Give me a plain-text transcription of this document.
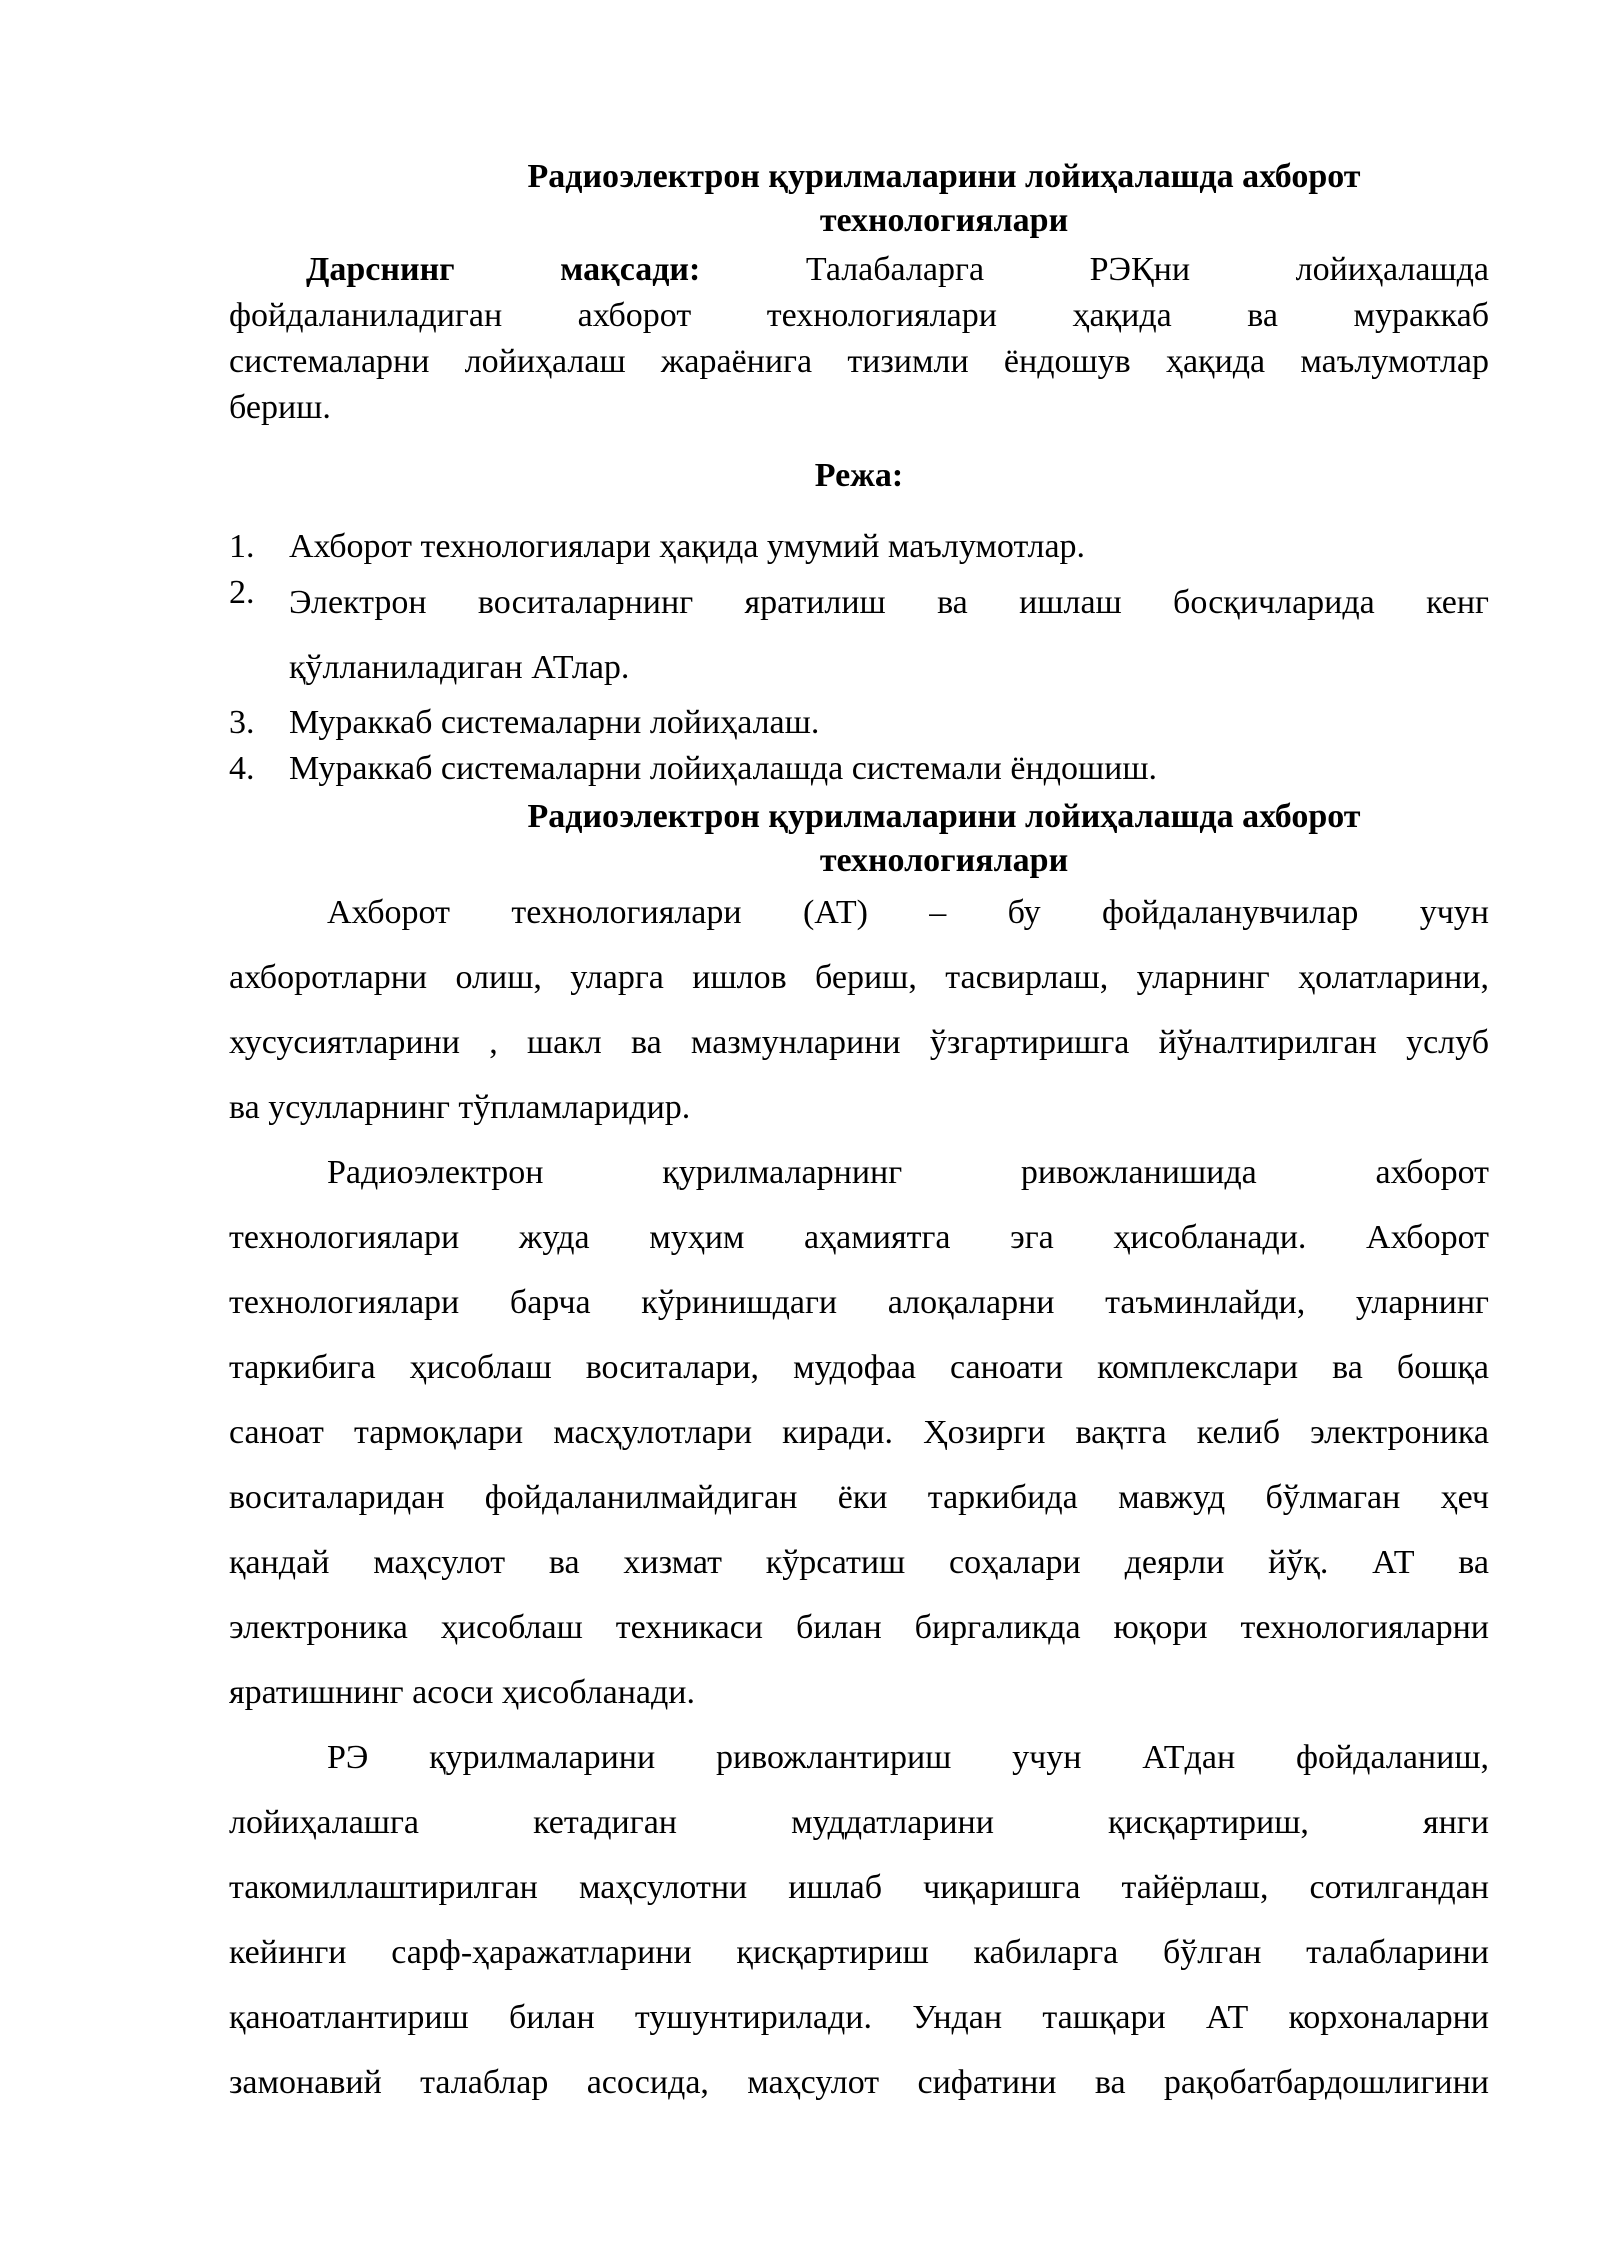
Радиоэлектрон қурилмаларини лойиҳалашда ахборот
технологиялари
Дарснинг мақсади:	Талабаларга РЭҚни лойиҳалашда
фойдаланиладиган ахборот технологиялари ҳақида ва мураккаб
системаларни лойиҳалаш жараёнига тизимли ёндошув ҳақида маълумотлар
бериш.
Режа:
1. Ахборот технологиялари ҳақида умумий маълумотлар.
2. Электрон воситаларнинг яратилиш ва ишлаш босқичларида кенг
қўлланиладиган АТлар.
3. Мураккаб системаларни лойиҳалаш.
4. Мураккаб системаларни лойиҳалашда системали ёндошиш.
Радиоэлектрон қурилмаларини лойиҳалашда ахборот
технологиялари
Ахборот технологиялари (АТ) – бу фойдаланувчилар учун
ахборотларни олиш, уларга ишлов бериш, тасвирлаш, уларнинг ҳолатларини,
хусусиятларини , шакл ва мазмунларини ўзгартиришга йўналтирилган услуб
ва усулларнинг тўпламларидир.
Радиоэлектрон қурилмаларнинг ривожланишида ахборот
технологиялари жуда муҳим аҳамиятга эга ҳисобланади. Ахборот
технологиялари барча кўринишдаги алоқаларни таъминлайди, уларнинг
таркибига ҳисоблаш воситалари, мудофаа саноати комплекслари ва бошқа
саноат тармоқлари масҳулотлари киради. Ҳозирги вақтга келиб электроника
воситаларидан фойдаланилмайдиган ёки таркибида мавжуд бўлмаган ҳеч
қандай маҳсулот ва хизмат кўрсатиш соҳалари деярли йўқ. АТ ва
электроника ҳисоблаш техникаси билан биргаликда юқори технологияларни
яратишнинг асоси ҳисобланади.
РЭ қурилмаларини ривожлантириш учун АТдан фойдаланиш,
лойиҳалашга кетадиган муддатларини қисқартириш, янги
такомиллаштирилган маҳсулотни ишлаб чиқаришга тайёрлаш, сотилгандан
кейинги сарф-ҳаражатларини қисқартириш кабиларга бўлган талабларини
қаноатлантириш билан тушунтирилади. Ундан ташқари АТ корхоналарни
замонавий талаблар асосида, маҳсулот сифатини ва рақобатбардошлигини
